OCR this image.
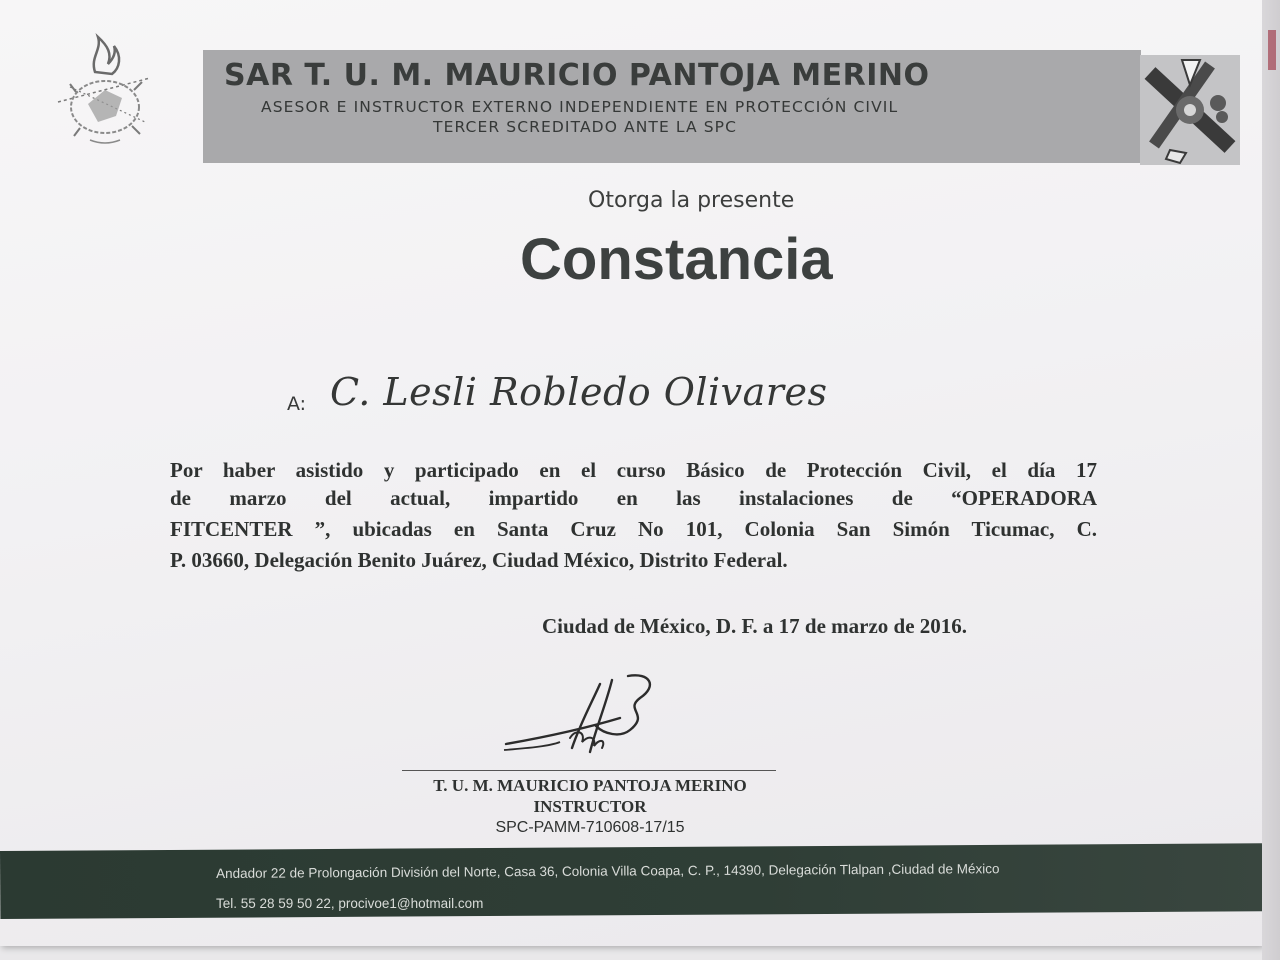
SAR T. U. M. MAURICIO PANTOJA MERINO
ASESOR E INSTRUCTOR EXTERNO INDEPENDIENTE EN PROTECCIÓN CIVIL
TERCER SCREDITADO ANTE LA SPC
Otorga la presente
Constancia
A: C. Lesli Robledo Olivares
Por haber asistido y participado en el curso Básico de Protección Civil, el día 17
de marzo del actual, impartido en las instalaciones de “OPERADORA
FITCENTER ”, ubicadas en Santa Cruz No 101, Colonia San Simón Ticumac, C.
P. 03660, Delegación Benito Juárez, Ciudad México, Distrito Federal.
Ciudad de México, D. F. a 17 de marzo de 2016.
T. U. M. MAURICIO PANTOJA MERINO
INSTRUCTOR
SPC-PAMM-710608-17/15
Andador 22 de Prolongación División del Norte, Casa 36, Colonia Villa Coapa, C. P., 14390, Delegación Tlalpan ,Ciudad de México
Tel. 55 28 59 50 22, procivoe1@hotmail.com
